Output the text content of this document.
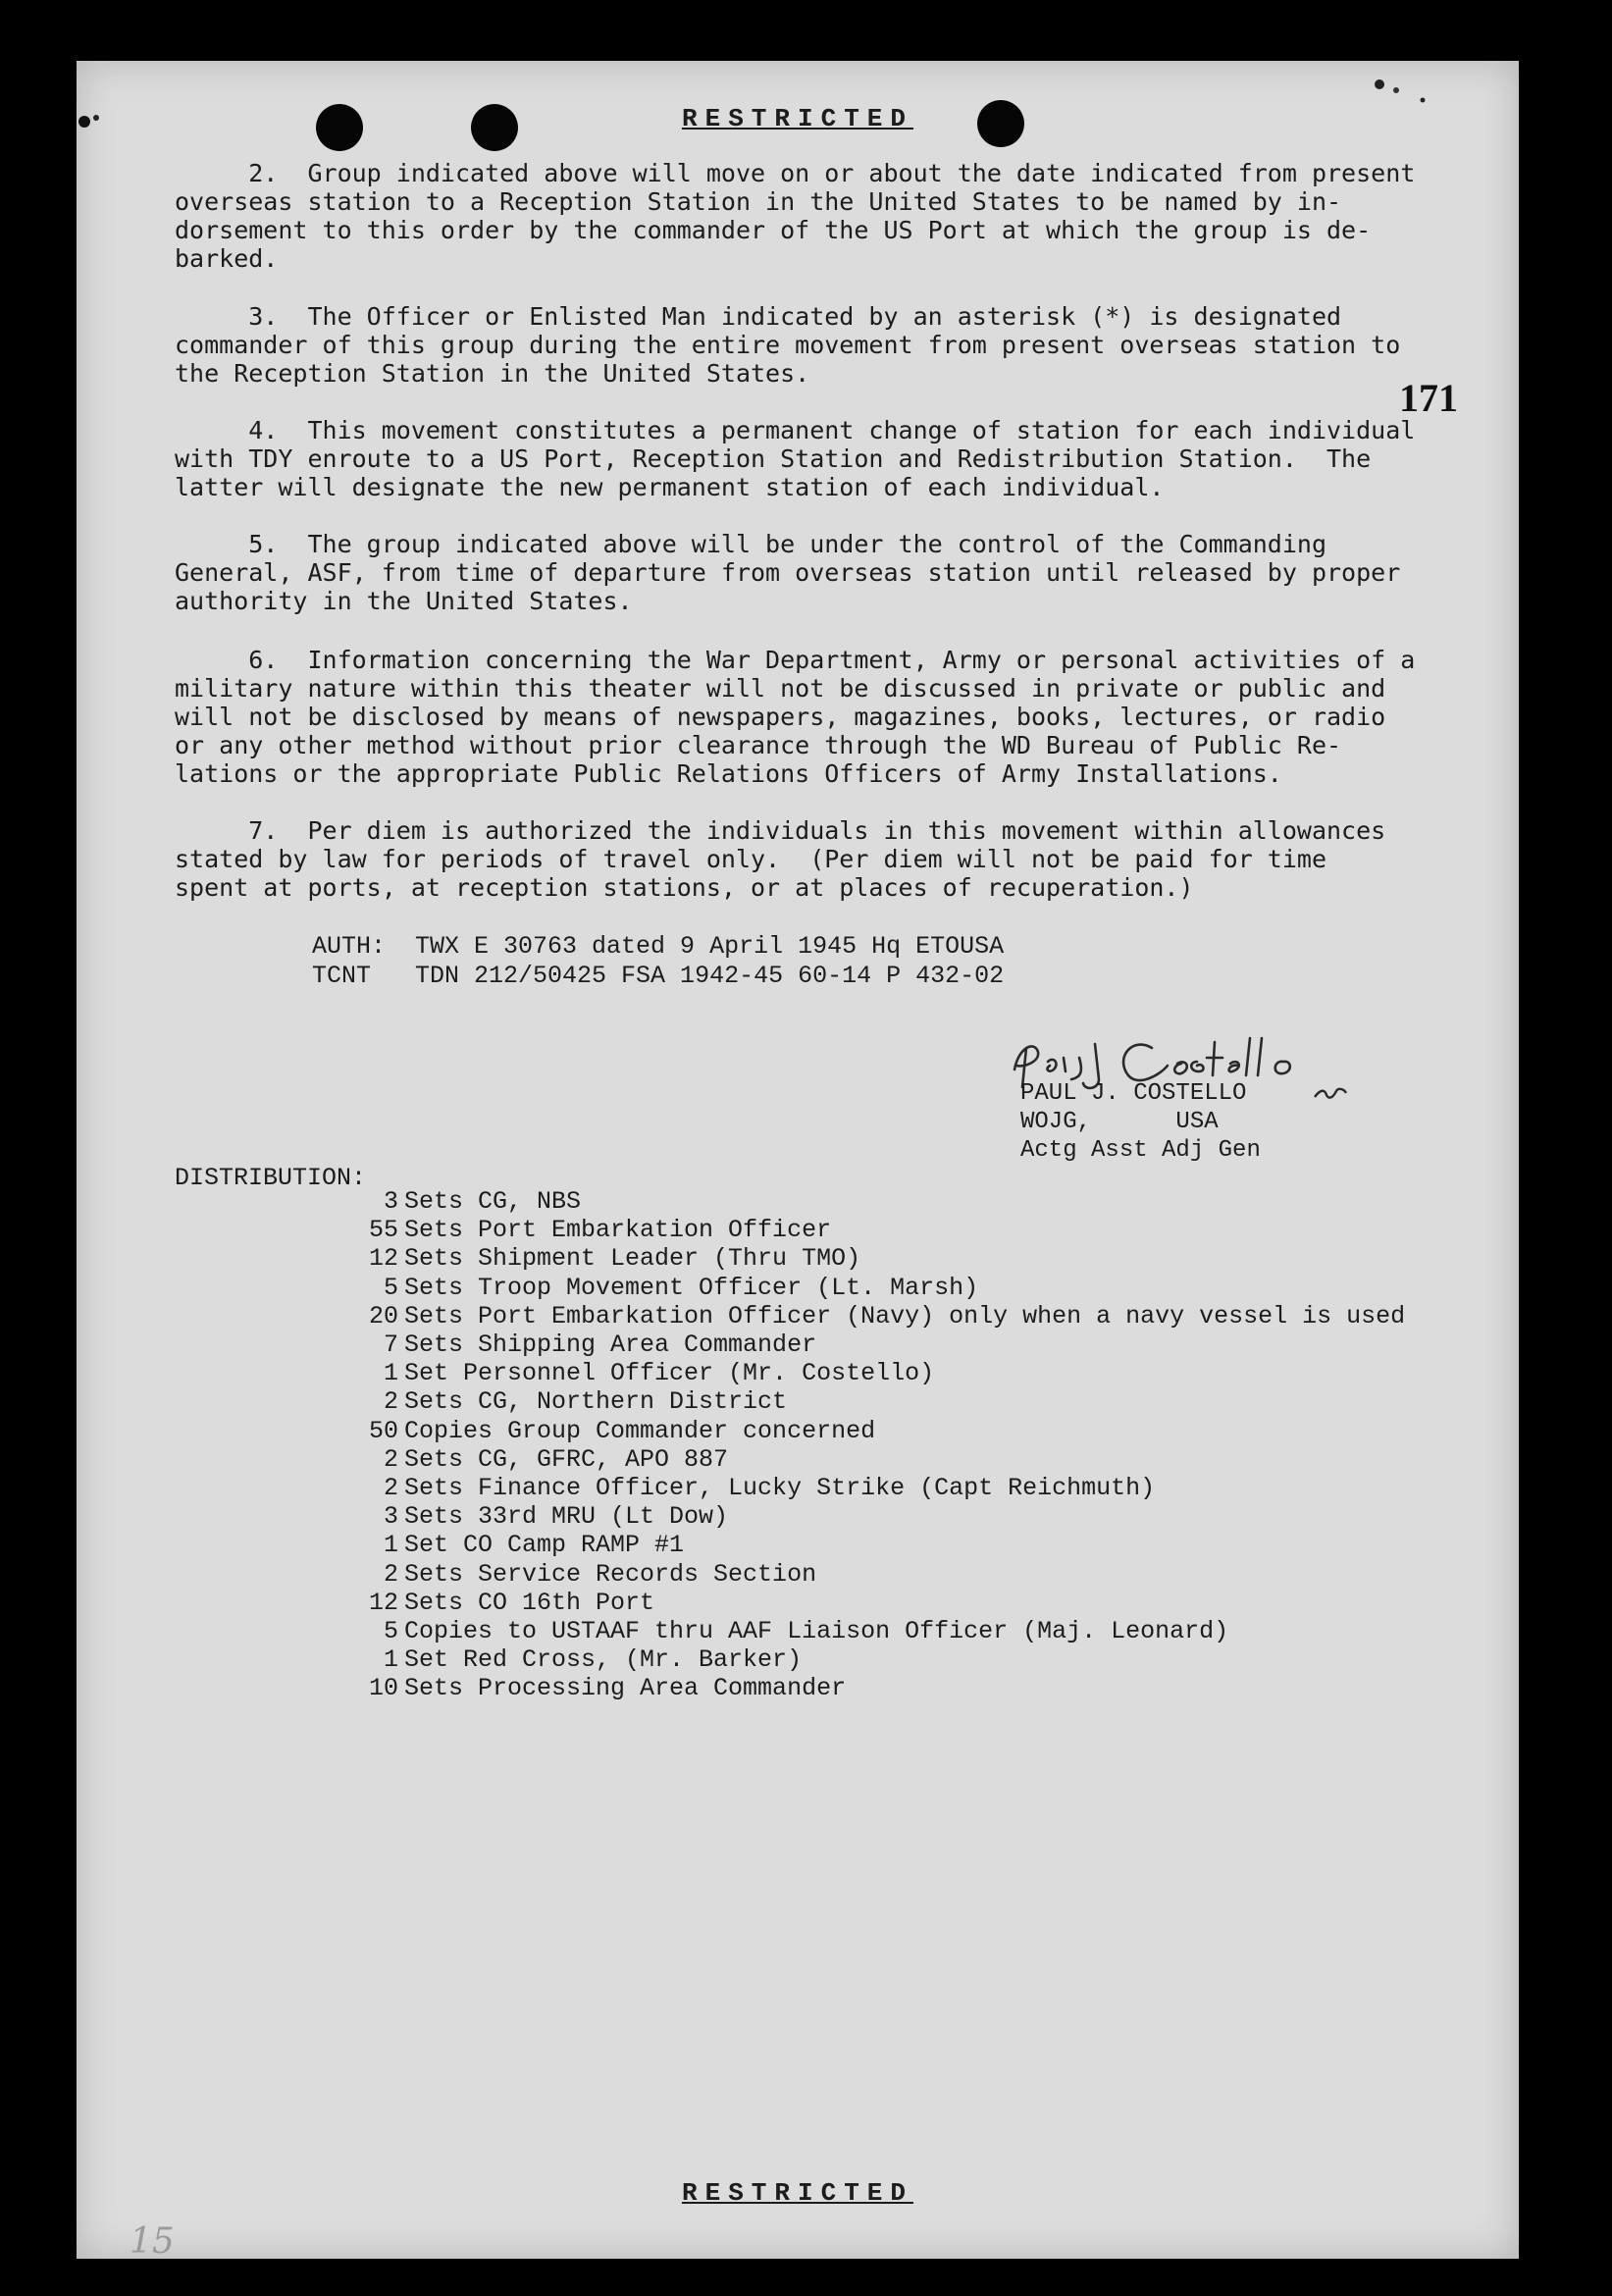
RESTRICTED
2.  Group indicated above will move on or about the date indicated from present
overseas station to a Reception Station in the United States to be named by in-
dorsement to this order by the commander of the US Port at which the group is de-
barked.
3.  The Officer or Enlisted Man indicated by an asterisk (*) is designated
commander of this group during the entire movement from present overseas station to
the Reception Station in the United States.
171
4.  This movement constitutes a permanent change of station for each individual
with TDY enroute to a US Port, Reception Station and Redistribution Station.  The
latter will designate the new permanent station of each individual.
5.  The group indicated above will be under the control of the Commanding
General, ASF, from time of departure from overseas station until released by proper
authority in the United States.
6.  Information concerning the War Department, Army or personal activities of a
military nature within this theater will not be discussed in private or public and
will not be disclosed by means of newspapers, magazines, books, lectures, or radio
or any other method without prior clearance through the WD Bureau of Public Re-
lations or the appropriate Public Relations Officers of Army Installations.
7.  Per diem is authorized the individuals in this movement within allowances
stated by law for periods of travel only.  (Per diem will not be paid for time
spent at ports, at reception stations, or at places of recuperation.)
AUTH:  TWX E 30763 dated 9 April 1945 Hq ETOUSA
TCNT   TDN 212/50425 FSA 1942-45 60-14 P 432-02
PAUL J. COSTELLO
WOJG,      USA
Actg Asst Adj Gen
DISTRIBUTION:
3 Sets CG, NBS
55 Sets Port Embarkation Officer
12 Sets Shipment Leader (Thru TMO)
5 Sets Troop Movement Officer (Lt. Marsh)
20 Sets Port Embarkation Officer (Navy) only when a navy vessel is used
7 Sets Shipping Area Commander
1 Set Personnel Officer (Mr. Costello)
2 Sets CG, Northern District
50 Copies Group Commander concerned
2 Sets CG, GFRC, APO 887
2 Sets Finance Officer, Lucky Strike (Capt Reichmuth)
3 Sets 33rd MRU (Lt Dow)
1 Set CO Camp RAMP #1
2 Sets Service Records Section
12 Sets CO 16th Port
5 Copies to USTAAF thru AAF Liaison Officer (Maj. Leonard)
1 Set Red Cross, (Mr. Barker)
10 Sets Processing Area Commander
RESTRICTED
15
